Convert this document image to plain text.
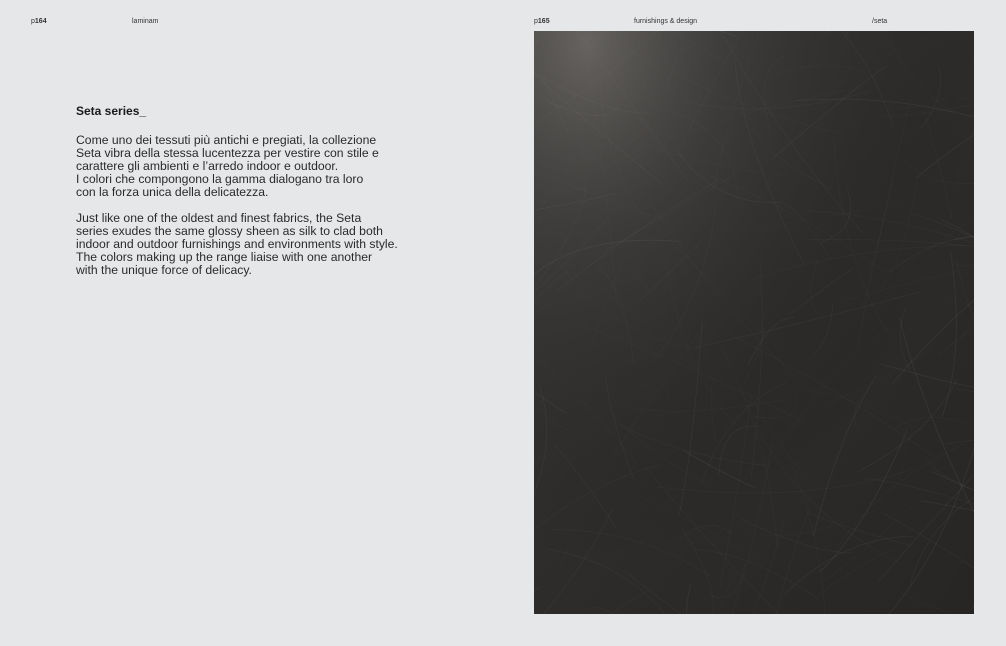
p164	laminam
Seta series_

Come uno dei tessuti più antichi e pregiati, la collezione
Seta vibra della stessa lucentezza per vestire con stile e
carattere gli ambienti e l’arredo indoor e outdoor.
I colori che compongono la gamma dialogano tra loro
con la forza unica della delicatezza.

Just like one of the oldest and finest fabrics, the Seta
series exudes the same glossy sheen as silk to clad both
indoor and outdoor furnishings and environments with style.
The colors making up the range liaise with one another
with the unique force of delicacy.

p165	furnishings & design	/seta
